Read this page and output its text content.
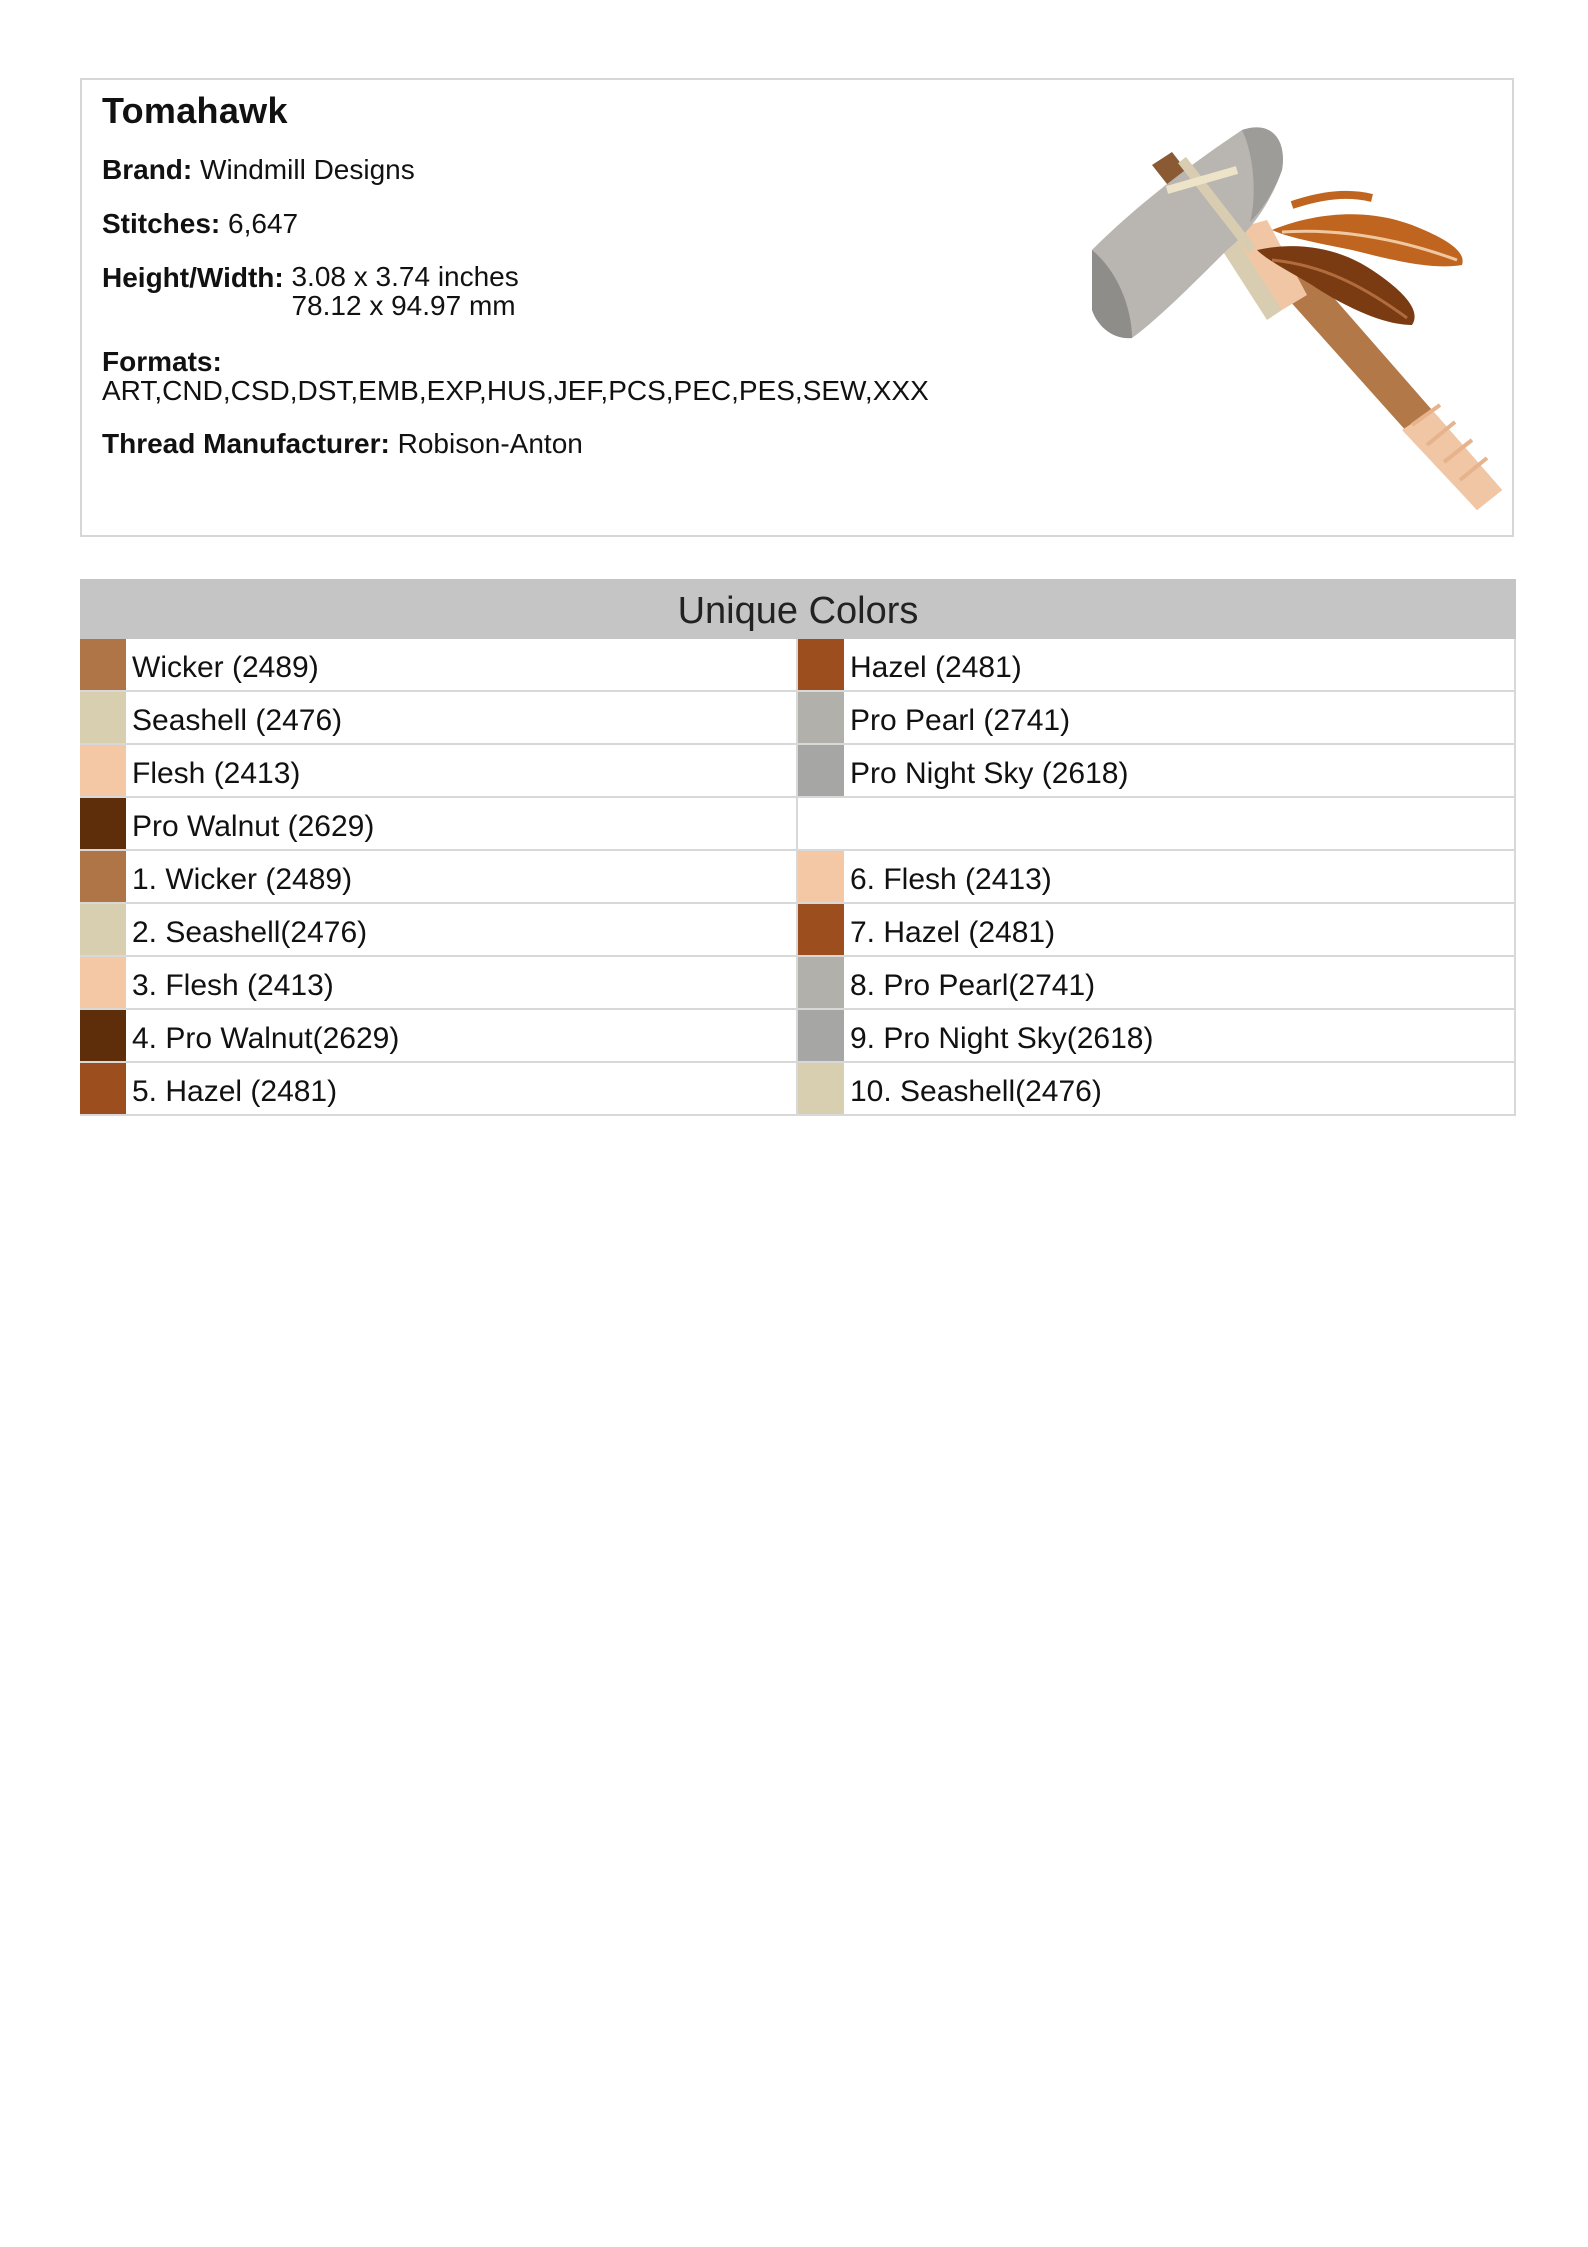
Tomahawk
Brand: Windmill Designs
Stitches: 6,647
Height/Width: 3.08 x 3.74 inches
78.12 x 94.97 mm
Formats:
ART,CND,CSD,DST,EMB,EXP,HUS,JEF,PCS,PEC,PES,SEW,XXX
Thread Manufacturer: Robison-Anton
Unique Colors
Wicker (2489)	Hazel (2481)
Seashell (2476)	Pro Pearl (2741)
Flesh (2413)	Pro Night Sky (2618)
Pro Walnut (2629)
1. Wicker (2489)	6. Flesh (2413)
2. Seashell(2476)	7. Hazel (2481)
3. Flesh (2413)	8. Pro Pearl(2741)
4. Pro Walnut(2629)	9. Pro Night Sky(2618)
5. Hazel (2481)	10. Seashell(2476)
